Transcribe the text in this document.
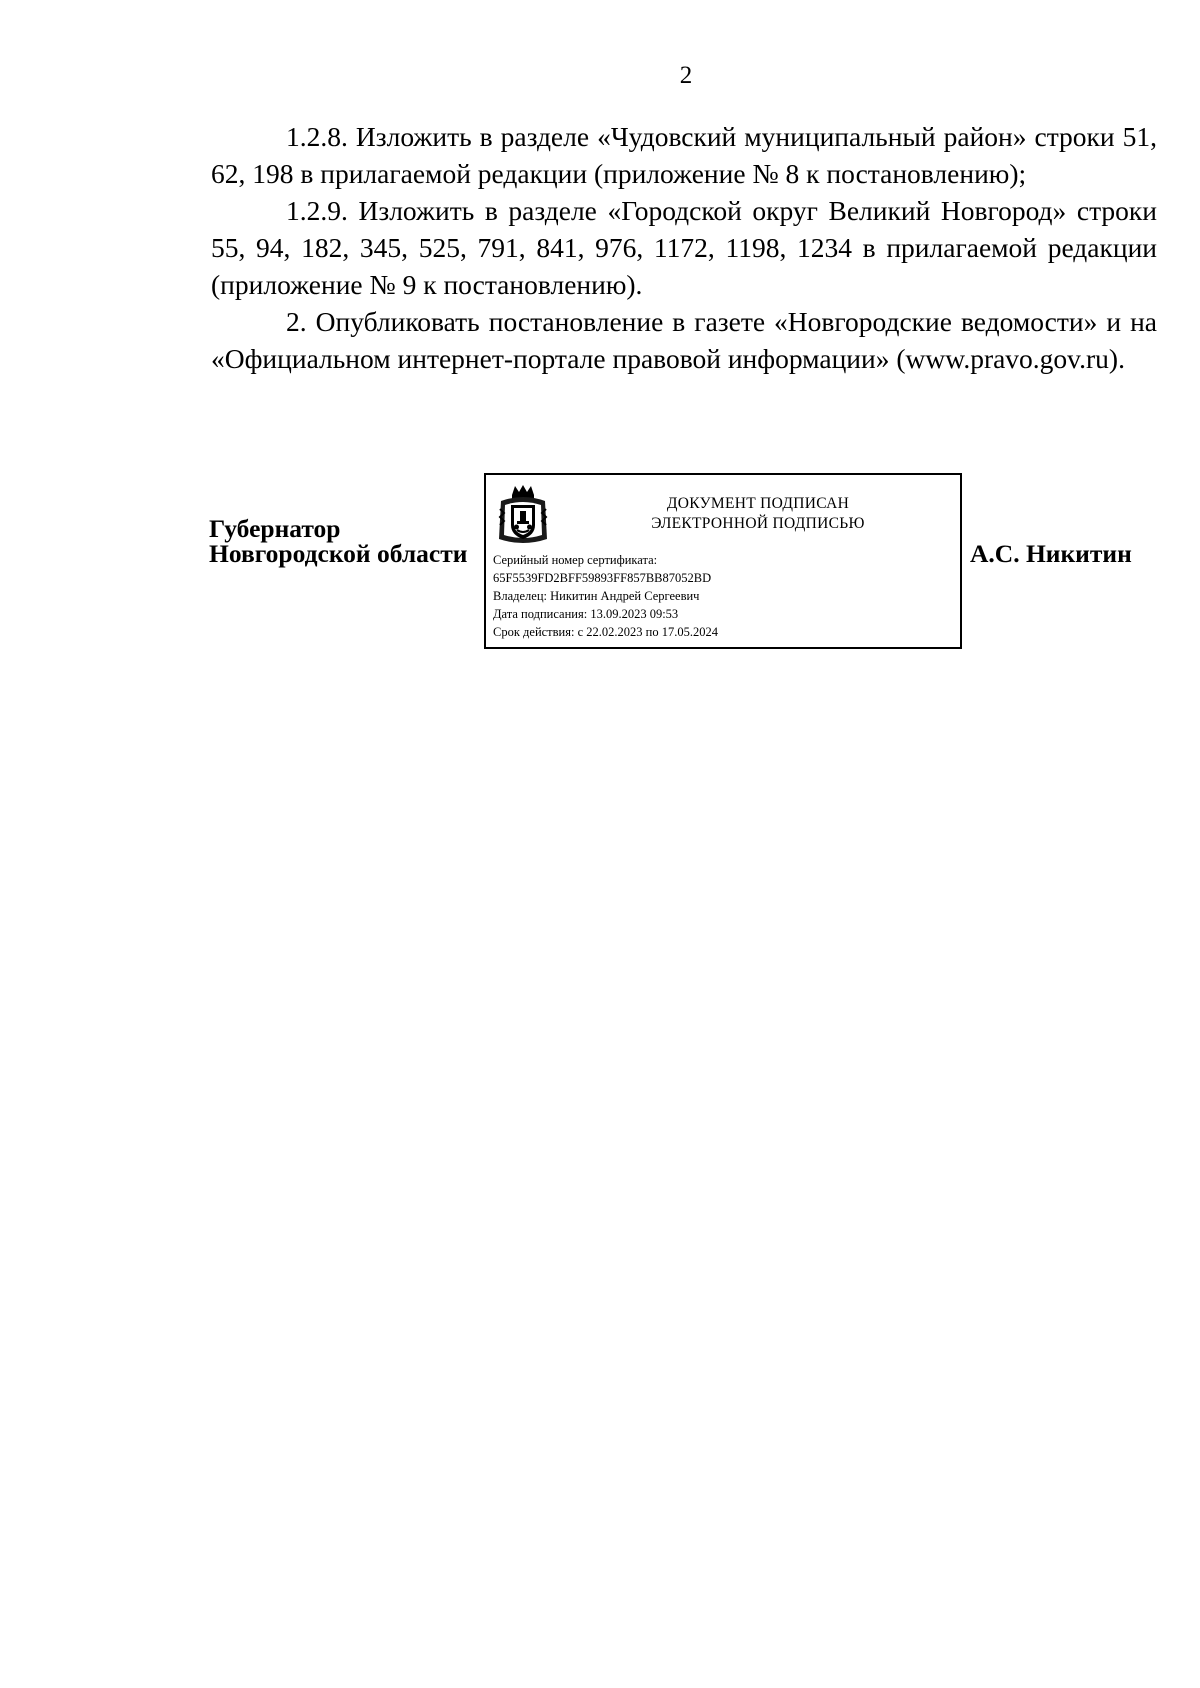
2

1.2.8. Изложить в разделе «Чудовский муниципальный район» строки 51, 62, 198 в прилагаемой редакции (приложение № 8 к постановлению);

1.2.9. Изложить в разделе «Городской округ Великий Новгород» строки 55, 94, 182, 345, 525, 791, 841, 976, 1172, 1198, 1234 в прилагаемой редакции (приложение № 9 к постановлению).

2. Опубликовать постановление в газете «Новгородские ведомости» и на «Официальном интернет-портале правовой информации» (www.pravo.gov.ru).

Губернатор
Новгородской области
ДОКУМЕНТ ПОДПИСАН
ЭЛЕКТРОННОЙ ПОДПИСЬЮ
Серийный номер сертификата:
65F5539FD2BFF59893FF857BB87052BD
Владелец: Никитин Андрей Сергеевич
Дата подписания: 13.09.2023 09:53
Срок действия: с 22.02.2023 по 17.05.2024
А.С. Никитин
